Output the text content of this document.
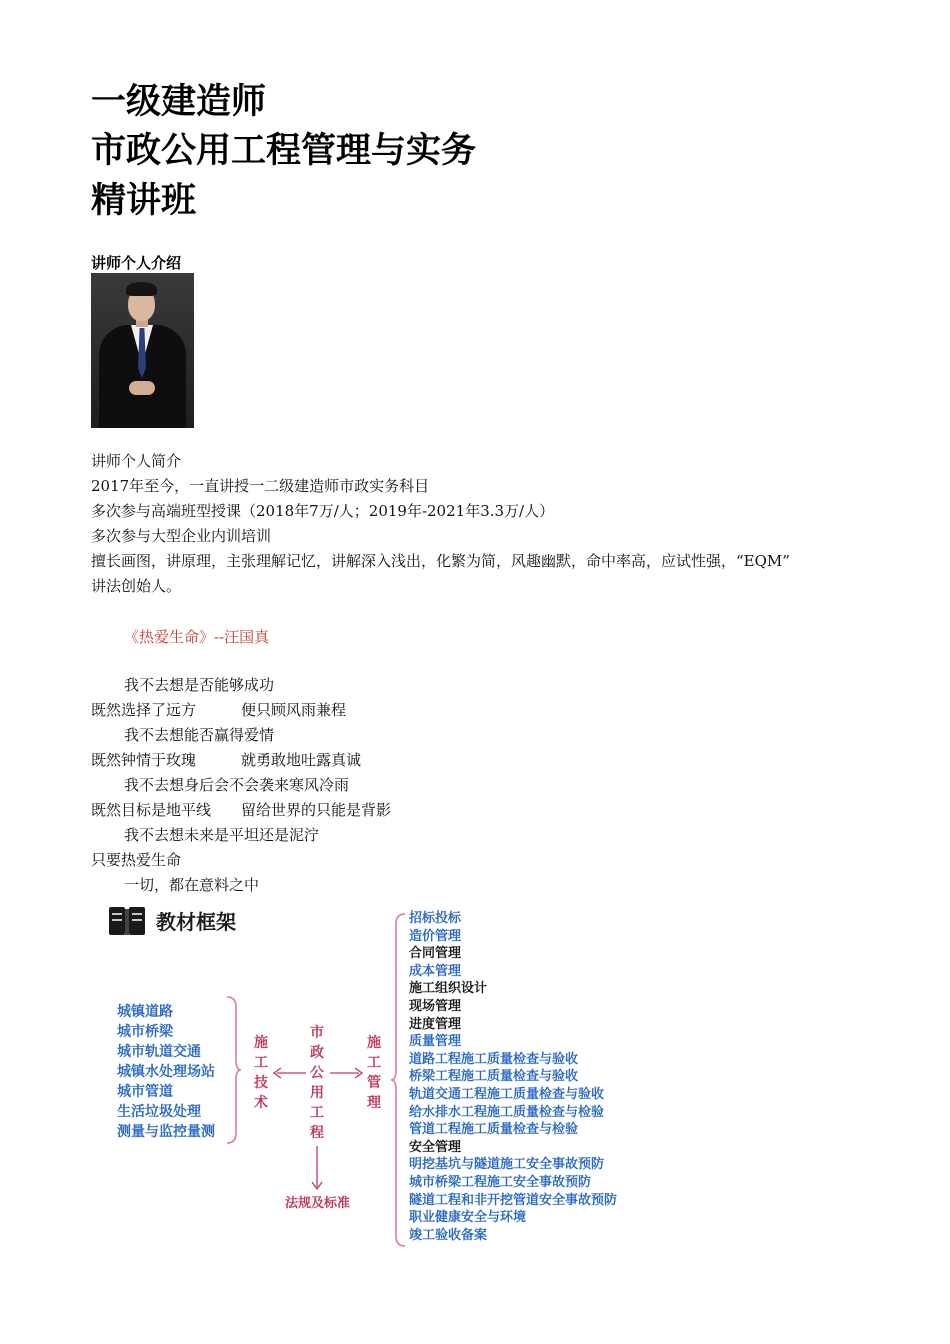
一级建造师
市政公用工程管理与实务
精讲班
讲师个人介绍
讲师个人简介
2017年至今，一直讲授一二级建造师市政实务科目
多次参与高端班型授课（2018年7万/人；2019年-2021年3.3万/人）
多次参与大型企业内训培训
擅长画图，讲原理，主张理解记忆，讲解深入浅出，化繁为简，风趣幽默，命中率高，应试性强，“EQM”
讲法创始人。
《热爱生命》--汪国真
我不去想是否能够成功
既然选择了远方　　　便只顾风雨兼程
我不去想能否赢得爱情
既然钟情于玫瑰　　　就勇敢地吐露真诚
我不去想身后会不会袭来寒风冷雨
既然目标是地平线　　留给世界的只能是背影
我不去想未来是平坦还是泥泞
只要热爱生命
一切，都在意料之中
教材框架
城镇道路
城市桥梁
城市轨道交通
城镇水处理场站
城市管道
生活垃圾处理
测量与监控量测
施
工
技
术
市
政
公
用
工
程
施
工
管
理
法规及标准
招标投标
造价管理
合同管理
成本管理
施工组织设计
现场管理
进度管理
质量管理
道路工程施工质量检查与验收
桥梁工程施工质量检查与验收
轨道交通工程施工质量检查与验收
给水排水工程施工质量检查与检验
管道工程施工质量检查与检验
安全管理
明挖基坑与隧道施工安全事故预防
城市桥梁工程施工安全事故预防
隧道工程和非开挖管道安全事故预防
职业健康安全与环境
竣工验收备案
